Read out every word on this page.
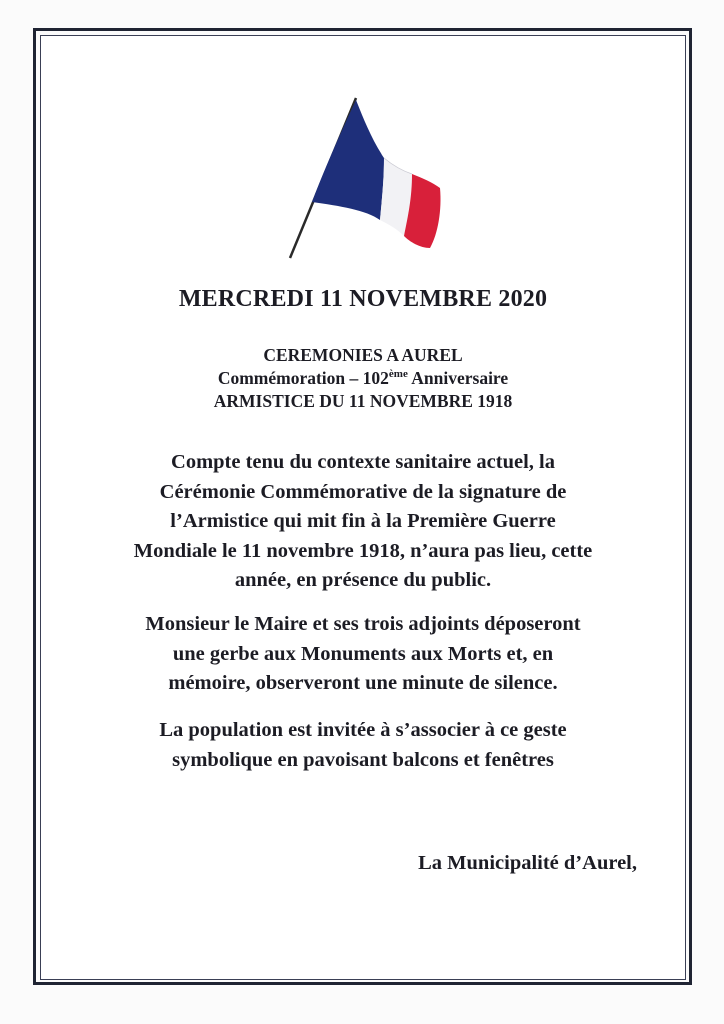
MERCREDI 11 NOVEMBRE 2020
CEREMONIES A AUREL
Commémoration – 102ème Anniversaire
ARMISTICE DU 11 NOVEMBRE 1918
Compte tenu du contexte sanitaire actuel, la
Cérémonie Commémorative de la signature de
l’Armistice qui mit fin à la Première Guerre
Mondiale le 11 novembre 1918, n’aura pas lieu, cette
année, en présence du public.
Monsieur le Maire et ses trois adjoints déposeront
une gerbe aux Monuments aux Morts et, en
mémoire, observeront une minute de silence.
La population est invitée à s’associer à ce geste
symbolique en pavoisant balcons et fenêtres
La Municipalité d’Aurel,
